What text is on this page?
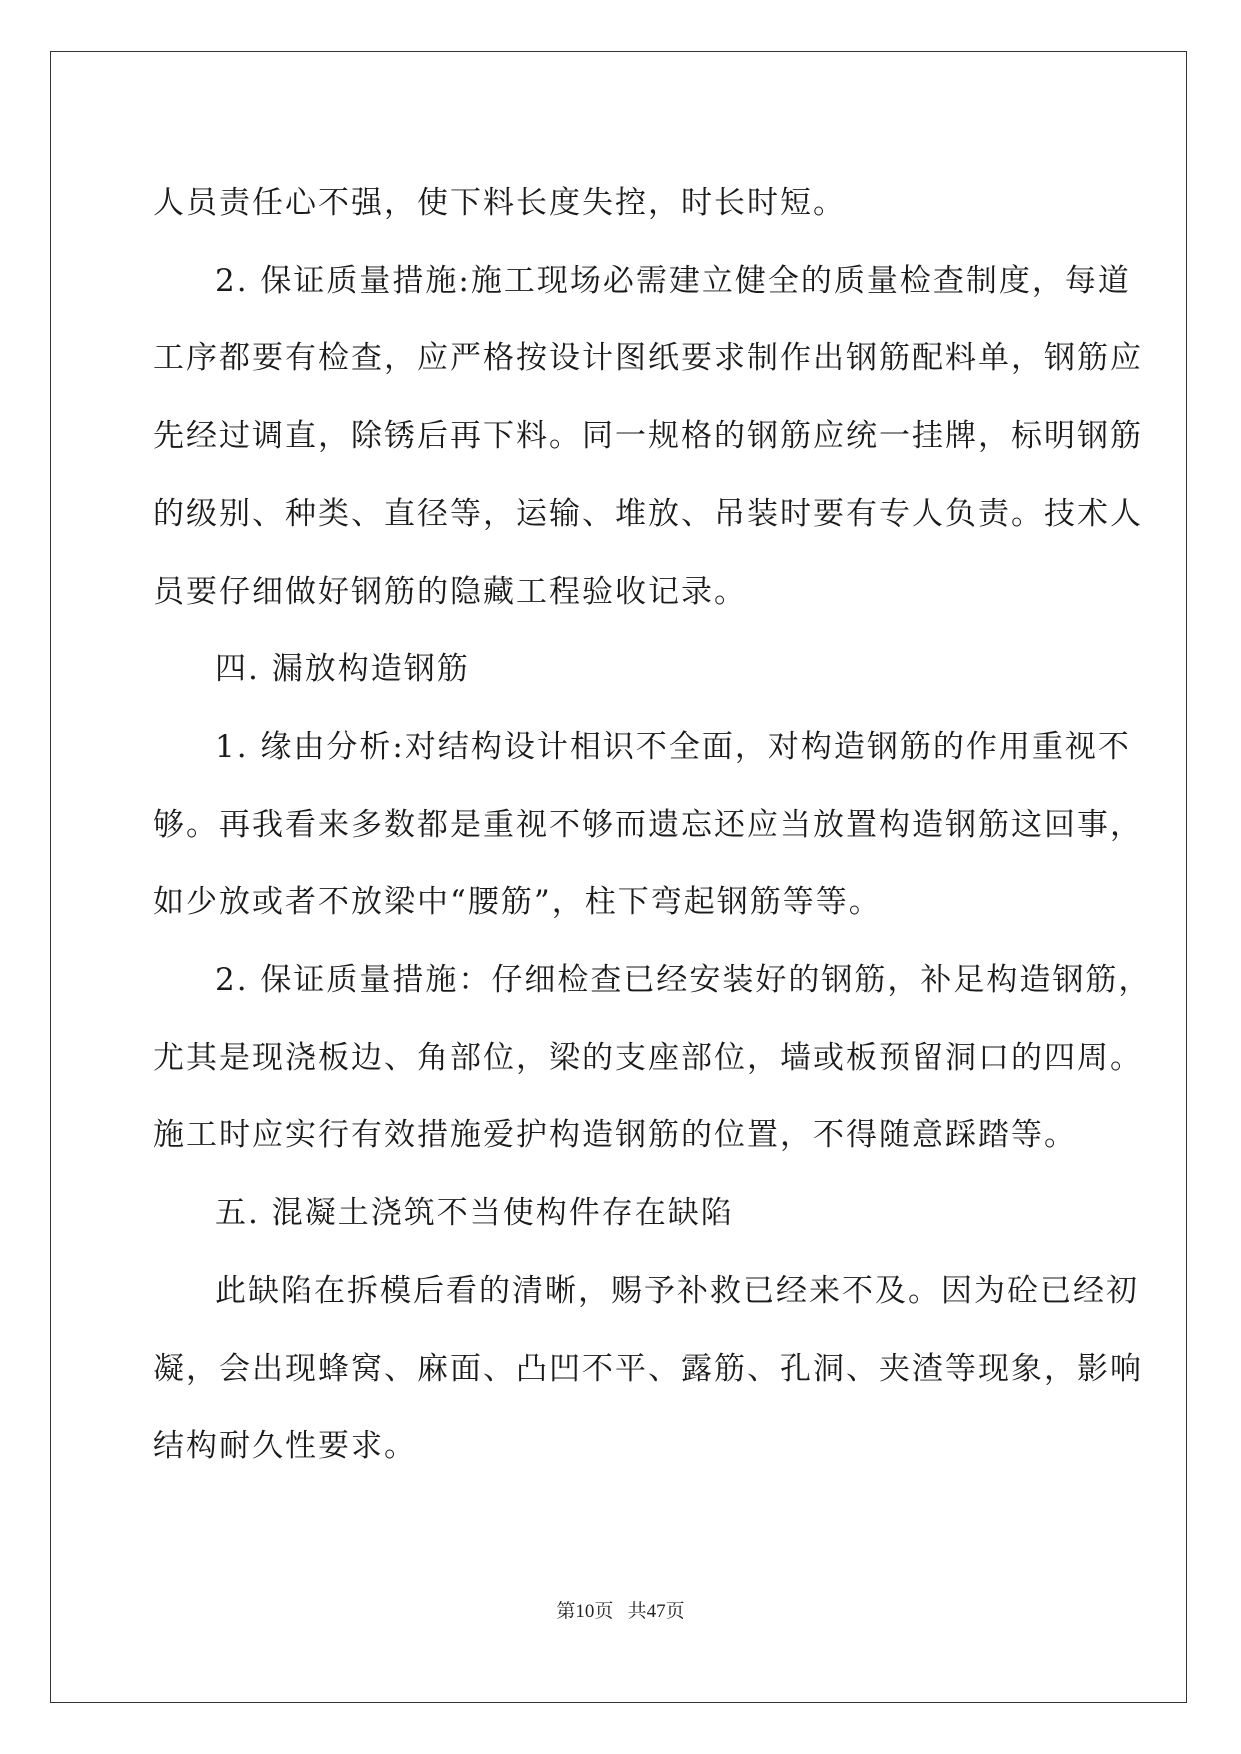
人员责任心不强，使下料长度失控，时长时短。

2. 保证质量措施:施工现场必需建立健全的质量检查制度，每道

工序都要有检查，应严格按设计图纸要求制作出钢筋配料单，钢筋应

先经过调直，除锈后再下料。同一规格的钢筋应统一挂牌，标明钢筋

的级别、种类、直径等，运输、堆放、吊装时要有专人负责。技术人

员要仔细做好钢筋的隐藏工程验收记录。

四. 漏放构造钢筋

1. 缘由分析:对结构设计相识不全面，对构造钢筋的作用重视不

够。再我看来多数都是重视不够而遗忘还应当放置构造钢筋这回事，

如少放或者不放梁中“腰筋”，柱下弯起钢筋等等。

2. 保证质量措施：仔细检查已经安装好的钢筋，补足构造钢筋，

尤其是现浇板边、角部位，梁的支座部位，墙或板预留洞口的四周。

施工时应实行有效措施爱护构造钢筋的位置，不得随意踩踏等。

五. 混凝土浇筑不当使构件存在缺陷

此缺陷在拆模后看的清晰，赐予补救已经来不及。因为砼已经初

凝，会出现蜂窝、麻面、凸凹不平、露筋、孔洞、夹渣等现象，影响

结构耐久性要求。

第10页 共47页
